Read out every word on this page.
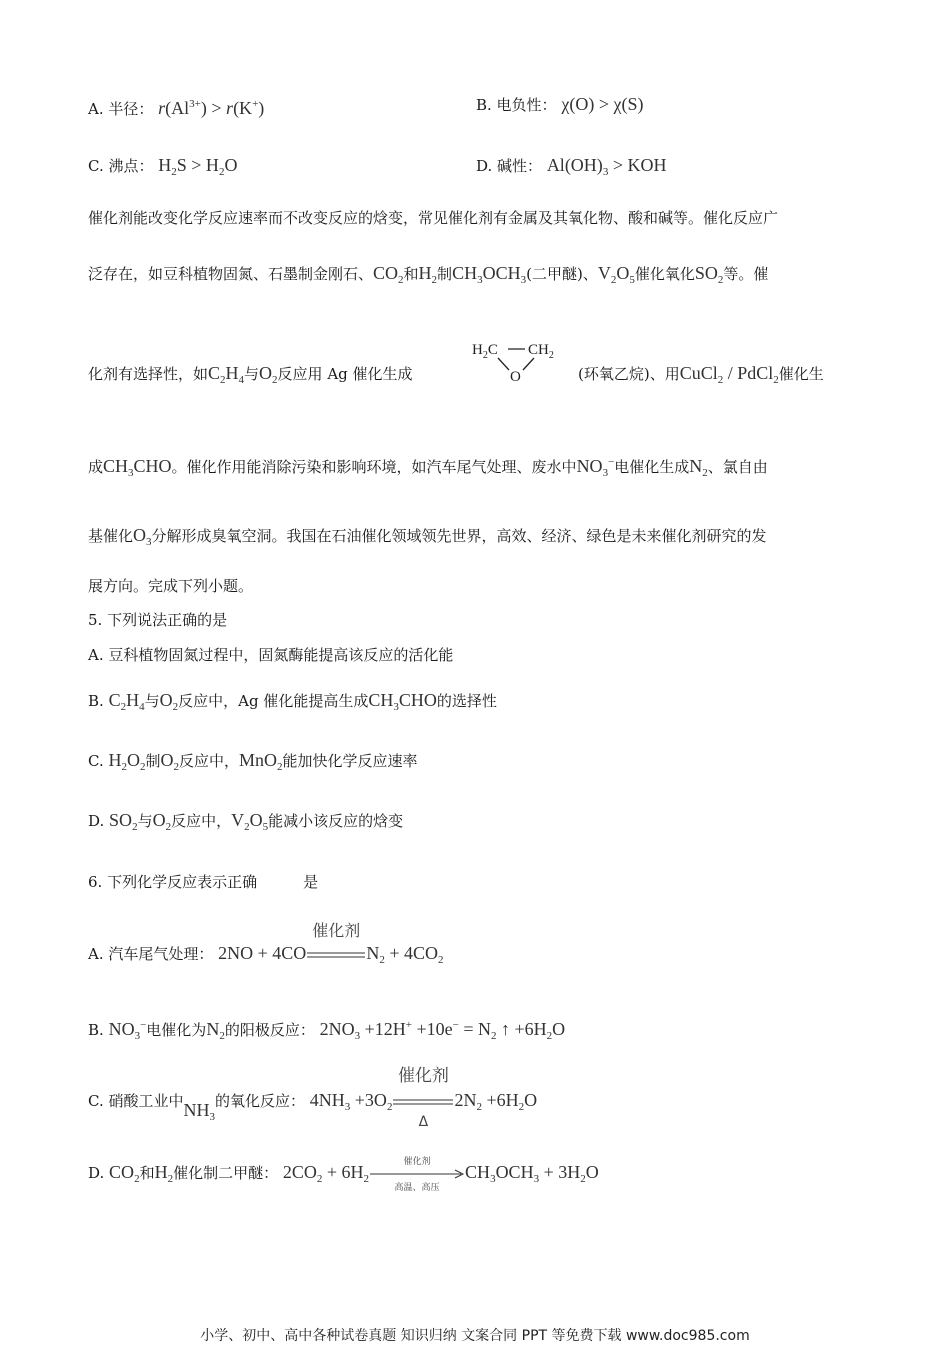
A. 半径： $r(Al^{3+}) > r(K^+)$	B. 电负性： χ(O) > χ(S)
C. 沸点： $H_2S > H_2O$	D. 碱性： $Al(OH)_3$ > KOH
催化剂能改变化学反应速率而不改变反应的焓变，常见催化剂有金属及其氧化物、酸和碱等。催化反应广
泛存在，如豆科植物固氮、石墨制金刚石、$CO_2$和$H_2$制$CH_3OCH_3$(二甲醚)、$V_2O_5$催化氧化$SO_2$等。催
化剂有选择性，如$C_2H_4$与$O_2$反应用 Ag 催化生成
$H_2C$ $CH_2$
O	(环氧乙烷)、用CuCl$_2$ / PdCl$_2$催化生
成$CH_3CHO$。催化作用能消除污染和影响环境，如汽车尾气处理、废水中$NO_3^-$电催化生成$N_2$、氯自由
基催化$O_3$分解形成臭氧空洞。我国在石油催化领域领先世界，高效、经济、绿色是未来催化剂研究的发
展方向。完成下列小题。
5. 下列说法正确的是
A. 豆科植物固氮过程中，固氮酶能提高该反应的活化能
B. $C_2H_4$与$O_2$反应中，Ag 催化能提高生成$CH_3CHO$的选择性
C. $H_2O_2$制$O_2$反应中，MnO$_2$能加快化学反应速率
D. $SO_2$与$O_2$反应中，$V_2O_5$能减小该反应的焓变
6. 下列化学反应表示正确	是
A. 汽车尾气处理： 2NO + 4CO
催化剂
$N_2 + 4CO_2$
B. $NO_3^-$电催化为$N_2$的阳极反应： $2NO_3 +12H^+ +10e^- = N_2$ ↑ $+6H_2O$
C. 硝酸工业中$NH_3$的氧化反应： $4NH_3 +3O_2$
催化剂
Δ
$2N_2 +6H_2O$
D. $CO_2$和$H_2$催化制二甲醚： $2CO_2 + 6H_2$
催化剂
高温、高压
$CH_3OCH_3 + 3H_2O$
小学、初中、高中各种试卷真题 知识归纳 文案合同 PPT 等免费下载 www.doc985.com
